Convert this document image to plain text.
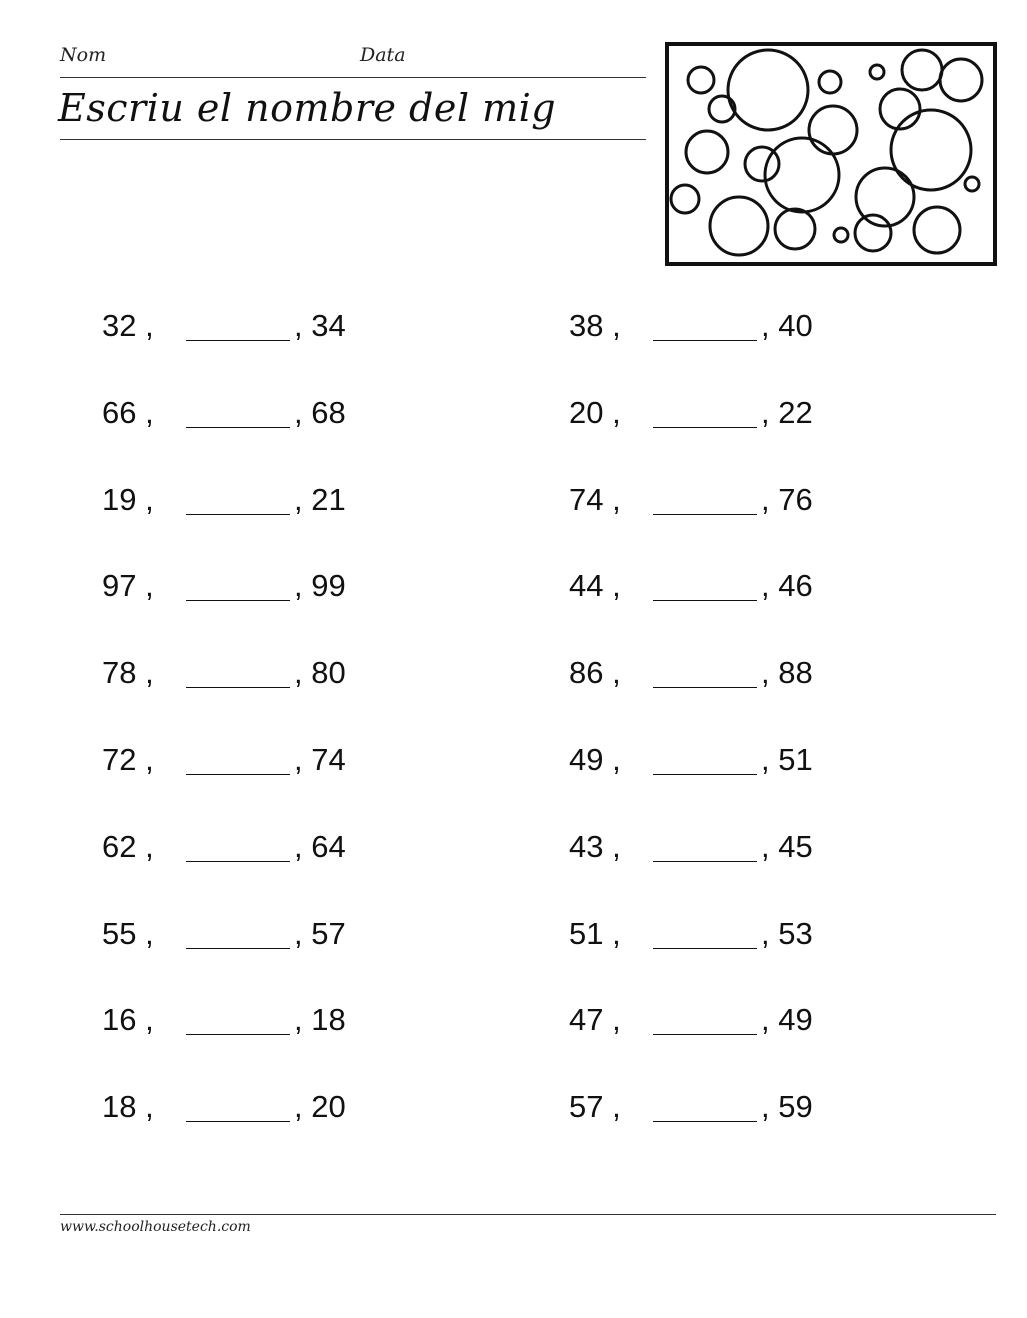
Nom	Data
Escriu el nombre del mig
32 ,	, 34
66 ,	, 68
19 ,	, 21
97 ,	, 99
78 ,	, 80
72 ,	, 74
62 ,	, 64
55 ,	, 57
16 ,	, 18
18 ,	, 20
38 ,	, 40
20 ,	, 22
74 ,	, 76
44 ,	, 46
86 ,	, 88
49 ,	, 51
43 ,	, 45
51 ,	, 53
47 ,	, 49
57 ,	, 59
www.schoolhousetech.com
